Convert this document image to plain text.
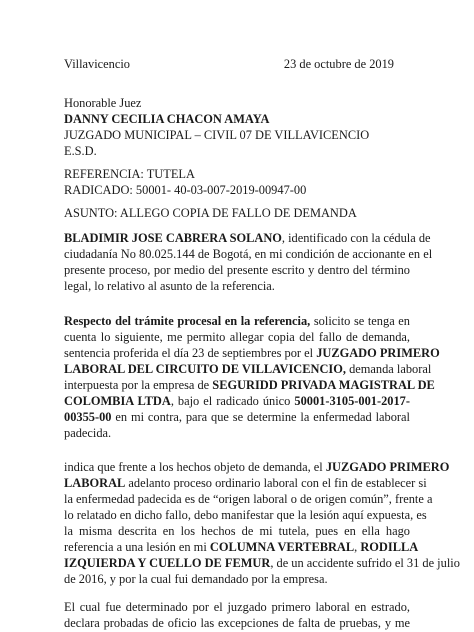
Villavicencio	23 de octubre de 2019
Honorable Juez
DANNY CECILIA CHACON AMAYA
JUZGADO MUNICIPAL – CIVIL 07 DE VILLAVICENCIO
E.S.D.
REFERENCIA: TUTELA
RADICADO: 50001- 40-03-007-2019-00947-00
ASUNTO: ALLEGO COPIA DE FALLO DE DEMANDA
BLADIMIR JOSE CABRERA SOLANO, identificado con la cédula de
ciudadanía No 80.025.144 de Bogotá, en mi condición de accionante en el
presente proceso, por medio del presente escrito y dentro del término
legal, lo relativo al asunto de la referencia.
Respecto del trámite procesal en la referencia, solicito se tenga en
cuenta lo siguiente, me permito allegar copia del fallo de demanda,
sentencia proferida el día 23 de septiembres por el JUZGADO PRIMERO
LABORAL DEL CIRCUITO DE VILLAVICENCIO, demanda laboral
interpuesta por la empresa de SEGURIDD PRIVADA MAGISTRAL DE
COLOMBIA LTDA, bajo el radicado único 50001-3105-001-2017-
00355-00 en mi contra, para que se determine la enfermedad laboral
padecida.
indica que frente a los hechos objeto de demanda, el JUZGADO PRIMERO
LABORAL adelanto proceso ordinario laboral con el fin de establecer si
la enfermedad padecida es de “origen laboral o de origen común”, frente a
lo relatado en dicho fallo, debo manifestar que la lesión aquí expuesta, es
la misma descrita en los hechos de mi tutela, pues en ella hago
referencia a una lesión en mi COLUMNA VERTEBRAL, RODILLA
IZQUIERDA Y CUELLO DE FEMUR, de un accidente sufrido el 31 de julio
de 2016, y por la cual fui demandado por la empresa.
El cual fue determinado por el juzgado primero laboral en estrado,
declara probadas de oficio las excepciones de falta de pruebas, y me
